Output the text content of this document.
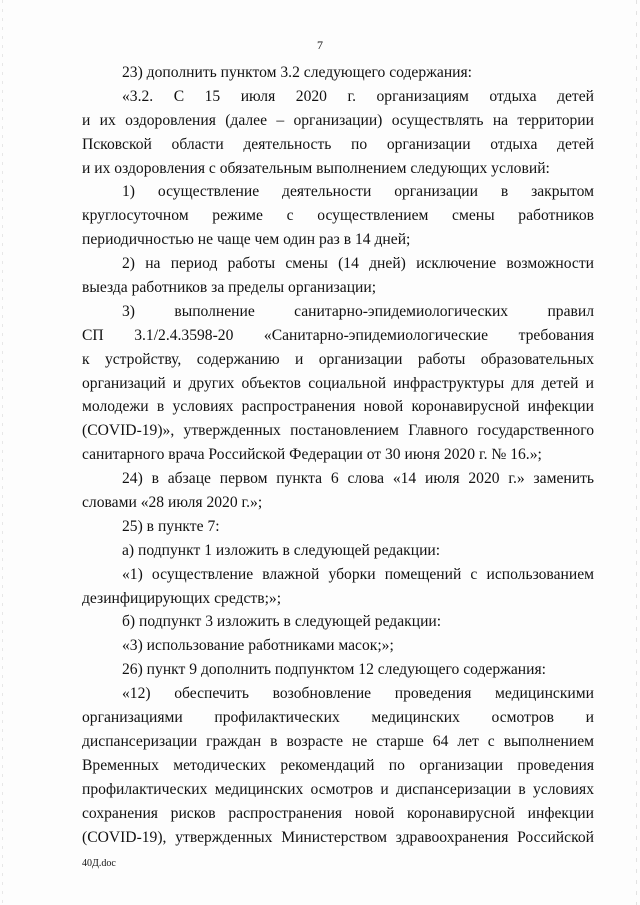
7
23) дополнить пунктом 3.2 следующего содержания:
«3.2. С 15 июля 2020 г. организациям отдыха детей
и их оздоровления (далее – организации) осуществлять на территории
Псковской области деятельность по организации отдыха детей
и их оздоровления с обязательным выполнением следующих условий:
1) осуществление деятельности организации в закрытом
круглосуточном режиме с осуществлением смены работников
периодичностью не чаще чем один раз в 14 дней;
2) на период работы смены (14 дней) исключение возможности
выезда работников за пределы организации;
3) выполнение санитарно-эпидемиологических правил
СП 3.1/2.4.3598-20 «Санитарно-эпидемиологические требования
к устройству, содержанию и организации работы образовательных
организаций и других объектов социальной инфраструктуры для детей и
молодежи в условиях распространения новой коронавирусной инфекции
(COVID-19)», утвержденных постановлением Главного государственного
санитарного врача Российской Федерации от 30 июня 2020 г. № 16.»;
24) в абзаце первом пункта 6 слова «14 июля 2020 г.» заменить
словами «28 июля 2020 г.»;
25) в пункте 7:
а) подпункт 1 изложить в следующей редакции:
«1) осуществление влажной уборки помещений с использованием
дезинфицирующих средств;»;
б) подпункт 3 изложить в следующей редакции:
«3) использование работниками масок;»;
26) пункт 9 дополнить подпунктом 12 следующего содержания:
«12) обеспечить возобновление проведения медицинскими
организациями профилактических медицинских осмотров и
диспансеризации граждан в возрасте не старше 64 лет с выполнением
Временных методических рекомендаций по организации проведения
профилактических медицинских осмотров и диспансеризации в условиях
сохранения рисков распространения новой коронавирусной инфекции
(COVID-19), утвержденных Министерством здравоохранения Российской
40Д.doc
